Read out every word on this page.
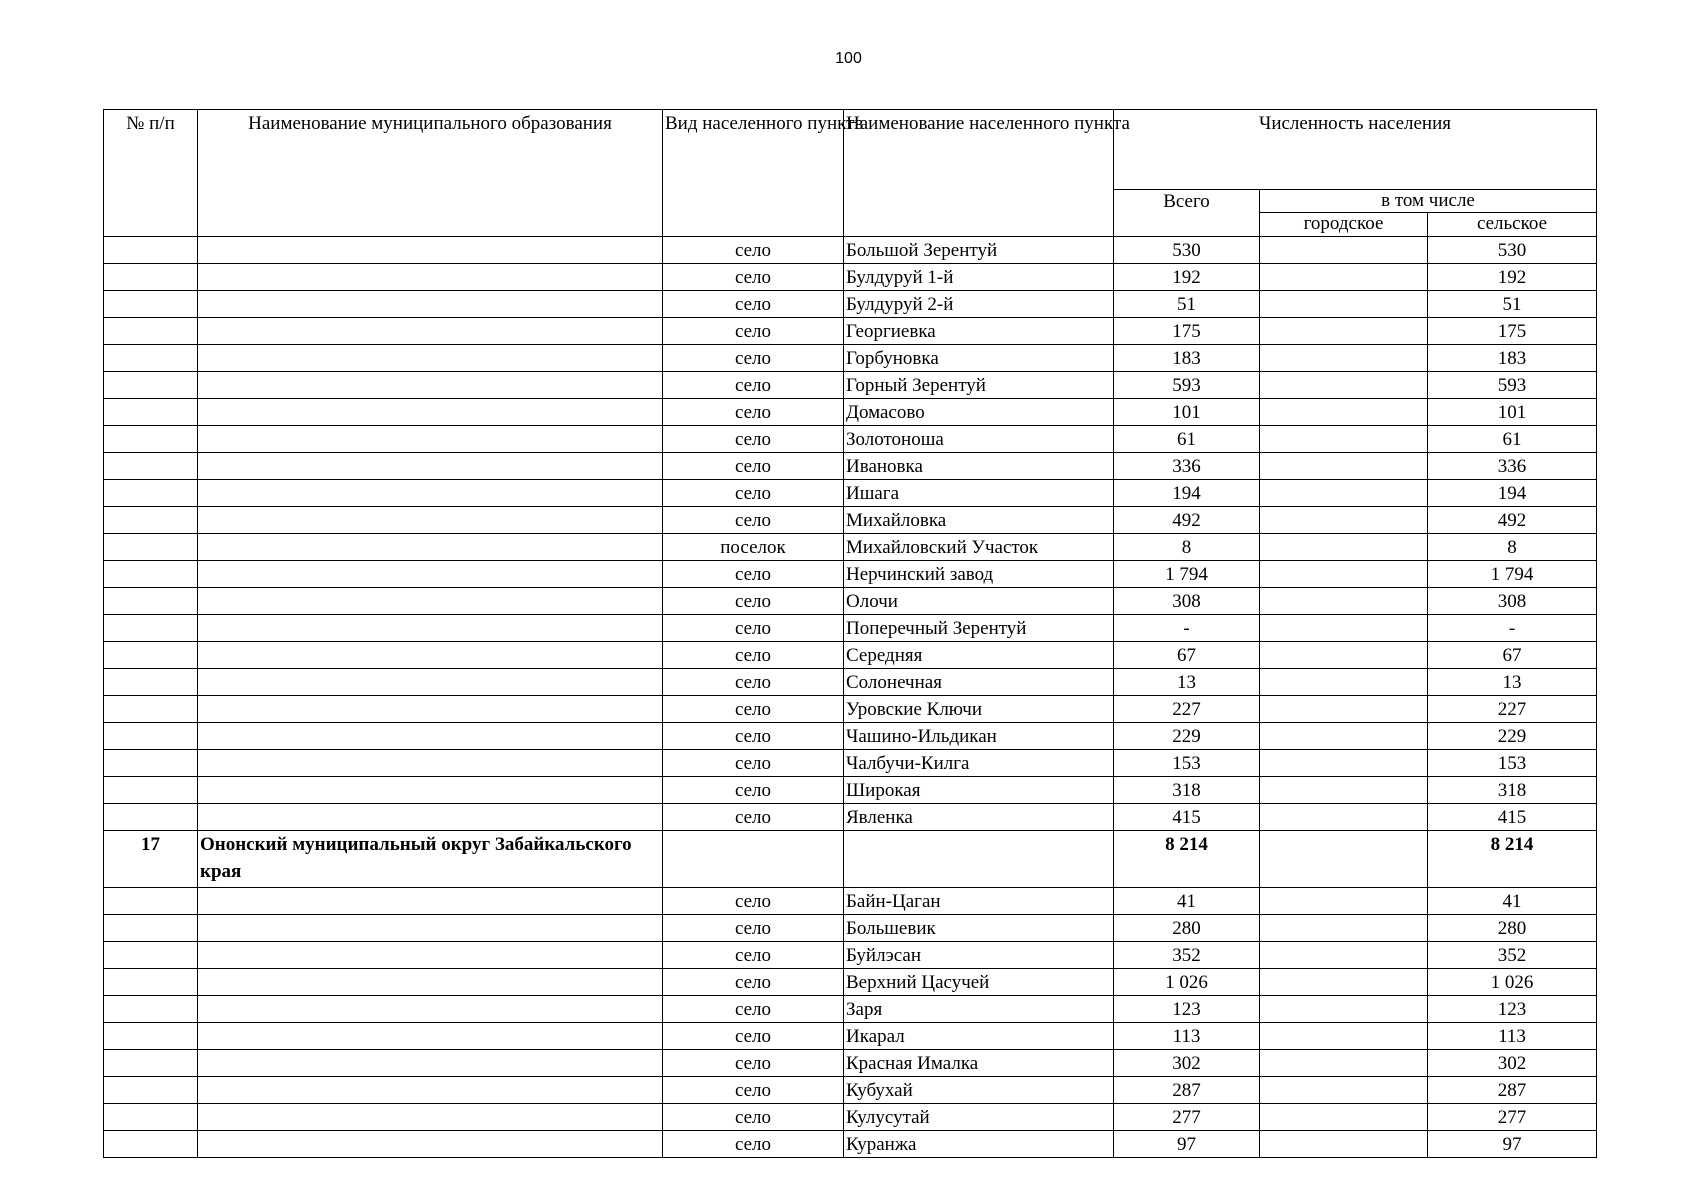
100
№ п/п	Наименование муниципального образования	Вид населенного пунктв	Наименование населенного пункта	Численность населения		
				Всего	в том числе	
					городское	сельское
		село	Большой Зерентуй	530		530
		село	Булдуруй 1-й	192		192
		село	Булдуруй 2-й	51		51
		село	Георгиевка	175		175
		село	Горбуновка	183		183
		село	Горный Зерентуй	593		593
		село	Домасово	101		101
		село	Золотоноша	61		61
		село	Ивановка	336		336
		село	Ишага	194		194
		село	Михайловка	492		492
		поселок	Михайловский Участок	8		8
		село	Нерчинский завод	1 794		1 794
		село	Олочи	308		308
		село	Поперечный Зерентуй	-		-
		село	Середняя	67		67
		село	Солонечная	13		13
		село	Уровские Ключи	227		227
		село	Чашино-Ильдикан	229		229
		село	Чалбучи-Килга	153		153
		село	Широкая	318		318
		село	Явленка	415		415
17	Ононский муниципальный округ Забайкальского края			8 214		8 214
		село	Байн-Цаган	41		41
		село	Большевик	280		280
		село	Буйлэсан	352		352
		село	Верхний Цасучей	1 026		1 026
		село	Заря	123		123
		село	Икарал	113		113
		село	Красная Ималка	302		302
		село	Кубухай	287		287
		село	Кулусутай	277		277
		село	Куранжа	97		97
